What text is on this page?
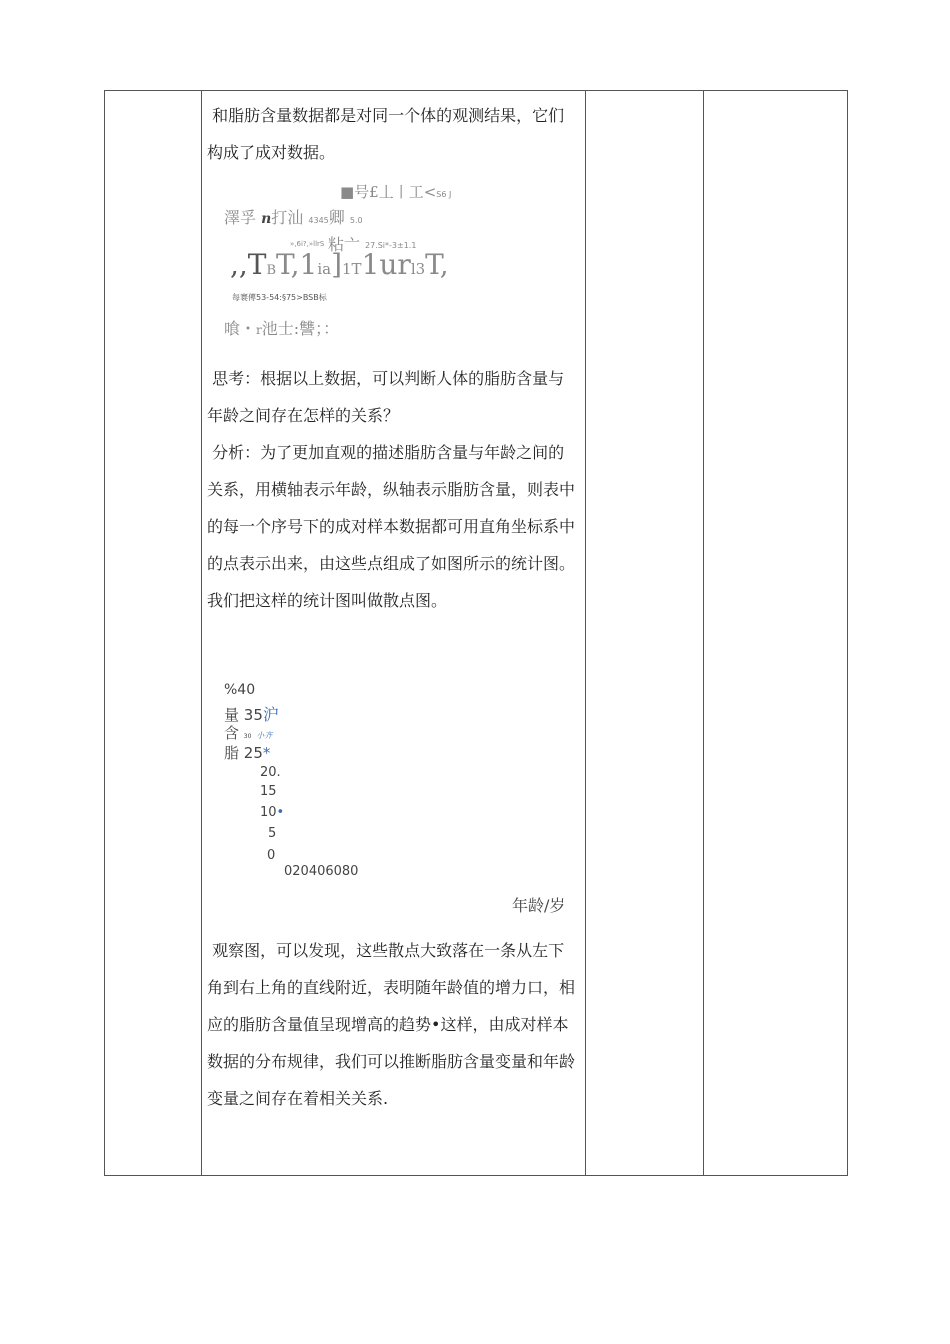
和脂肪含量数据都是对同一个体的观测结果，它们构成了成对数据。
■号£丄丨工<S6 J
澤孚 n打汕 4345卿 5.0
»,6i?,»llrS 粘亠 27.Si*-3±1.1
,,TBT,1ia]1T1url3T,
每褰傳53-54:§75>BSB标
喰・r池士:讐；：
思考：根据以上数据，可以判断人体的脂肪含量与年龄之间存在怎样的关系？
分析：为了更加直观的描述脂肪含量与年龄之间的关系，用横轴表示年龄，纵轴表示脂肪含量，则表中的每一个序号下的成对样本数据都可用直角坐标系中的点表示出来，由这些点组成了如图所示的统计图。我们把这样的统计图叫做散点图。
%40
量 35沪
含 30 小齐
脂 25*
20.
15
10•
5
0
020406080
年龄/岁
观察图，可以发现，这些散点大致落在一条从左下角到右上角的直线附近，表明随年龄值的增力口，相应的脂肪含量值呈现增高的趋势•这样，由成对样本数据的分布规律，我们可以推断脂肪含量变量和年龄变量之间存在着相关关系.
